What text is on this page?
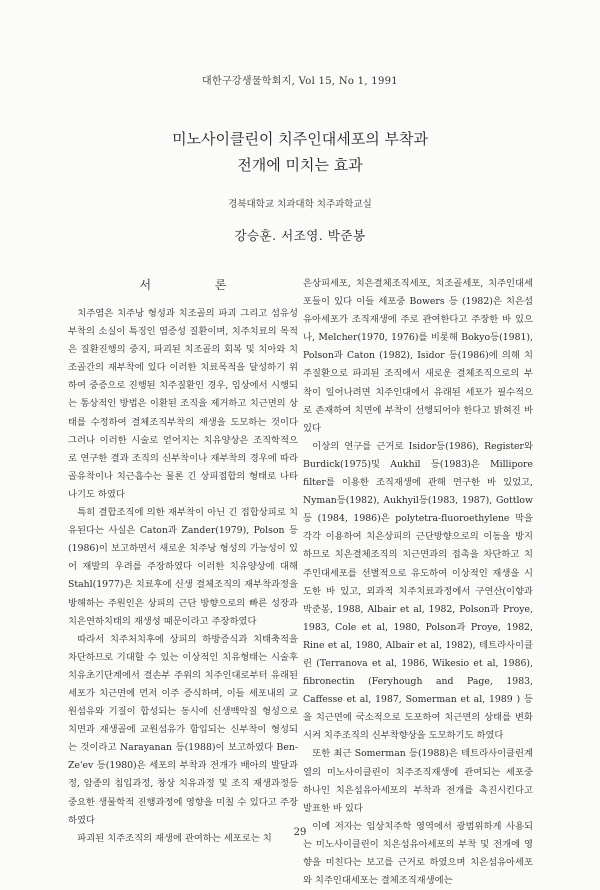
대한구강생물학회지, Vol 15, No 1, 1991
미노사이클린이 치주인대세포의 부착과
전개에 미치는 효과
경북대학교 치과대학 치주과학교실
강승훈. 서조영. 박준봉
서 론

치주염은 치주낭 형성과 치조골의 파괴 그리고 섬유성 부착의 소실이 특징인 염증성 질환이며, 치주치료의 목적은 질환진행의 중지, 파괴된 치조골의 회복 및 치아와 치조골간의 재부착에 있다 이러한 치료목적을 달성하기 위하여 중증으로 진행된 치주질환인 경우, 임상에서 시행되는 통상적인 방법은 이환된 조직을 제거하고 치근면의 상태를 수정하여 결체조직부착의 재생을 도모하는 것이다 그러나 이러한 시술로 얻어지는 치유양상은 조직학적으로 연구한 결과 조직의 신부착이나 재부착의 경우에 따라 골유착이나 치근흡수는 물론 긴 상피접합의 형태로 나타나기도 하였다

특히 결합조직에 의한 재부착이 아닌 긴 접합상피로 치유된다는 사실은 Caton과 Zander(1979), Polson 등(1986)이 보고하면서 새로운 치주낭 형성의 가능성이 있어 재발의 우려를 주장하였다 이러한 치유양상에 대해 Stahl(1977)은 치료후에 신생 결체조직의 재부착과정을 방해하는 주원인은 상피의 근단 방향으로의 빠른 성장과 치은연하치태의 재생성 때문이라고 주장하였다

따라서 치주처치후에 상피의 하방증식과 치태축적을 차단하므로 기대할 수 있는 이상적인 치유형태는 시술후 치유초기단계에서 결손부 주위의 치주인대로부터 유래된 세포가 치근면에 먼저 이주 증식하며, 이들 세포내의 교원섬유와 기질이 합성되는 동시에 신생백악질 형성으로 치면과 재생골에 교원섬유가 함입되는 신부착이 형성되는 것이라고 Narayanan 등(1988)이 보고하였다 Ben-Ze'ev 등(1980)은 세포의 부착과 전개가 배아의 발달과정, 암종의 침입과정, 창상 치유과정 및 조직 재생과정등 중요한 생물학적 진행과정에 영향을 미칠 수 있다고 주장하였다

파괴된 치주조직의 재생에 관여하는 세포로는 치

은상피세포, 치은결체조직세포, 치조골세포, 치주인대세포들이 있다 이들 세포중 Bowers 등 (1982)은 치은섬유아세포가 조직재생에 주로 관여한다고 주장한 바 있으나, Melcher(1970, 1976)를 비롯해 Bokyo등(1981), Polson과 Caton (1982), Isidor 등(1986)에 의해 치주질환으로 파괴된 조직에서 새로운 결체조직으로의 부착이 일어나려면 치주인대에서 유래된 세포가 필수적으로 존재하여 치면에 부착이 선행되어야 한다고 밝혀진 바 있다

이상의 연구를 근거로 Isidor등(1986), Register와 Burdick(1975)및 Aukhil 등(1983)은 Millipore filter를 이용한 조직재생에 관해 연구한 바 있었고, Nyman등(1982), Aukhyil등(1983, 1987), Gottlow등 (1984, 1986)은 polytetra-fluoroethylene 막을 각각 이용하여 치은상피의 근단방향으로의 이동을 방지하므로 치은결체조직의 치근면과의 접촉을 차단하고 치주인대세포를 선별적으로 유도하여 이상적인 재생을 시도한 바 있고, 외과적 치주치료과정에서 구연산(이향과 박준봉, 1988, Albair et al, 1982, Polson과 Proye, 1983, Cole et al, 1980, Polson과 Proye, 1982, Rine et al, 1980, Albair et al, 1982), 테트라사이클린 (Terranova et al, 1986, Wikesio et al, 1986), fibronectin (Feryhough and Page, 1983, Caffesse et al, 1987, Somerman et al, 1989 ) 등을 치근면에 국소적으로 도포하여 치근면의 상태를 변화시켜 치주조직의 신부착향상을 도모하기도 하였다

또한 최근 Somerman 등(1988)은 테트라사이클린계열의 미노사이클린이 치주조직재생에 관여되는 세포중 하나인 치은섬유아세포의 부착과 전개를 촉진시킨다고 발표한 바 있다

이에 저자는 임상치주학 영역에서 광범위하게 사용되는 미노사이클린이 치은섬유아세포의 부착 및 전개에 영향을 미친다는 보고를 근거로 하였으며 치은섬유아세포와 치주인대세포는 결체조직재생에는

29
